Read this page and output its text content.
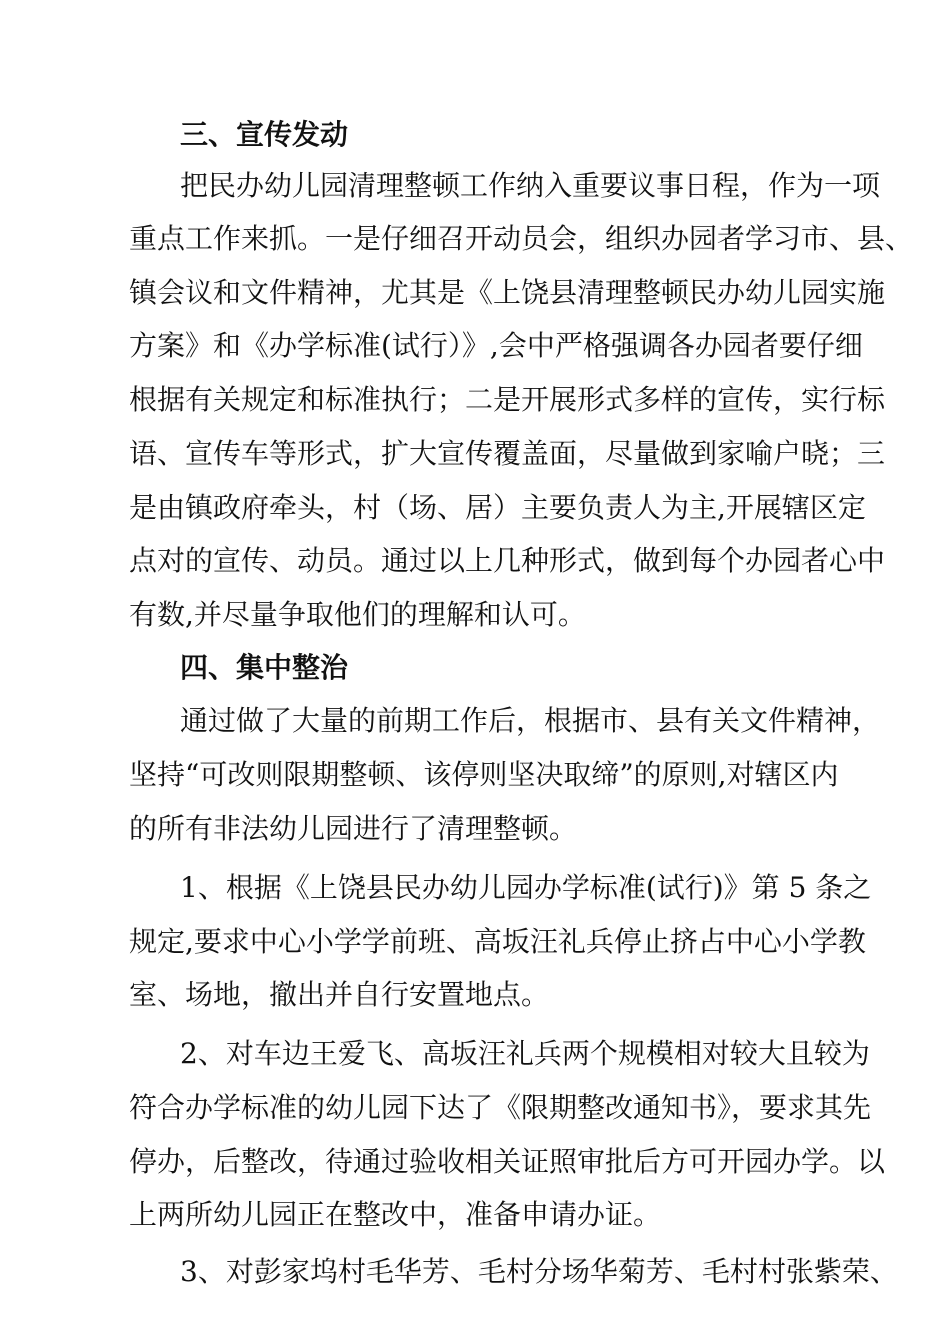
三、宣传发动
把民办幼儿园清理整顿工作纳入重要议事日程，作为一项
重点工作来抓。一是仔细召开动员会，组织办园者学习市、县、
镇会议和文件精神，尤其是《上饶县清理整顿民办幼儿园实施
方案》和《办学标准(试行）》,会中严格强调各办园者要仔细
根据有关规定和标准执行；二是开展形式多样的宣传，实行标
语、宣传车等形式，扩大宣传覆盖面，尽量做到家喻户晓；三
是由镇政府牵头，村（场、居）主要负责人为主,开展辖区定
点对的宣传、动员。通过以上几种形式，做到每个办园者心中
有数,并尽量争取他们的理解和认可。
四、集中整治
通过做了大量的前期工作后，根据市、县有关文件精神，
坚持“可改则限期整顿、该停则坚决取缔”的原则,对辖区内
的所有非法幼儿园进行了清理整顿。
1、根据《上饶县民办幼儿园办学标准(试行)》第 5 条之
规定,要求中心小学学前班、高坂汪礼兵停止挤占中心小学教
室、场地，撤出并自行安置地点。
2、对车边王爱飞、高坂汪礼兵两个规模相对较大且较为
符合办学标准的幼儿园下达了《限期整改通知书》，要求其先
停办，后整改，待通过验收相关证照审批后方可开园办学。以
上两所幼儿园正在整改中，准备申请办证。
3、对彭家坞村毛华芳、毛村分场华菊芳、毛村村张紫荣、
